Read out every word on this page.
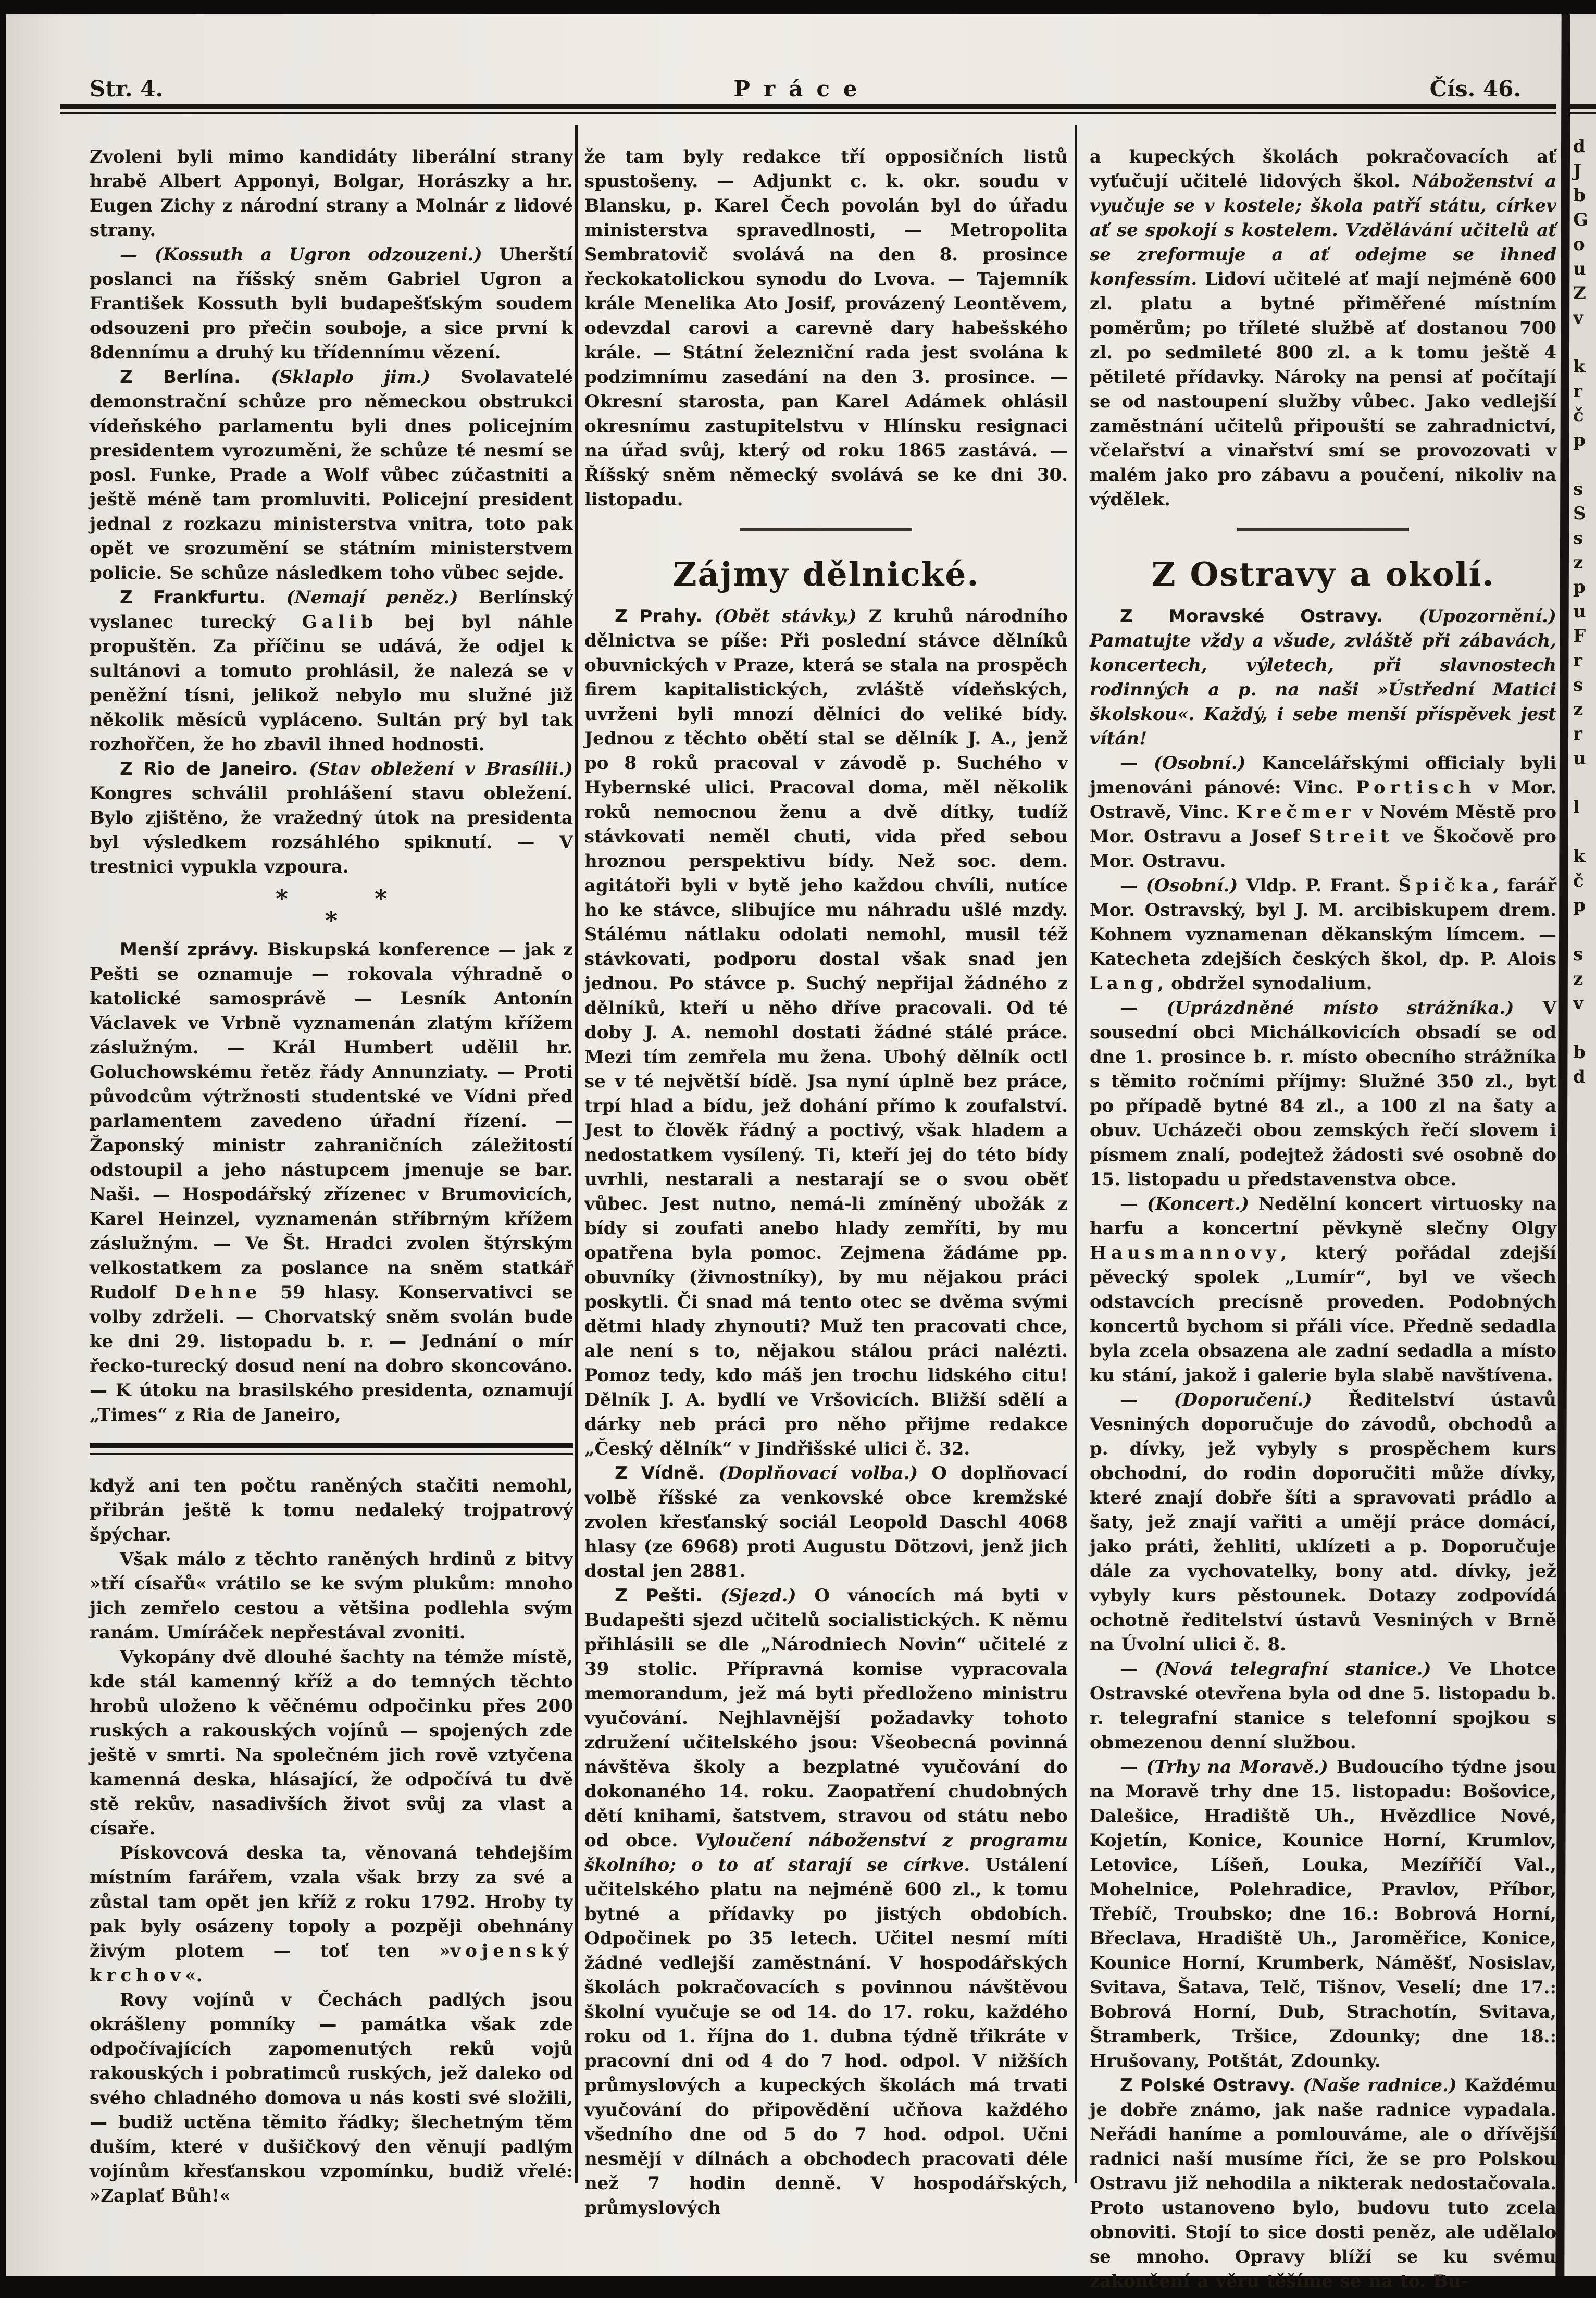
Str. 4.	Práce	Čís. 46.

Zvoleni byli mimo kandidáty liberální strany hrabě Albert Apponyi, Bolgar, Horászky a hr. Eugen Zichy z národní strany a Molnár z lidové strany.

— (Kossuth a Ugron odzouzeni.) Uherští poslanci na říšský sněm Gabriel Ugron a František Kossuth byli budapešťským soudem odsouzeni pro přečin souboje, a sice první k 8dennímu a druhý ku třídennímu vězení.

Z Berlína. (Sklaplo jim.) Svolavatelé demonstrační schůze pro německou obstrukci vídeňského parlamentu byli dnes policejním presidentem vyrozuměni, že schůze té nesmí se posl. Funke, Prade a Wolf vůbec zúčastniti a ještě méně tam promluviti. Policejní president jednal z rozkazu ministerstva vnitra, toto pak opět ve srozumění se státním ministerstvem policie. Se schůze následkem toho vůbec sejde.

Z Frankfurtu. (Nemají peněz.) Berlínský vyslanec turecký Galib bej byl náhle propuštěn. Za příčinu se udává, že odjel k sultánovi a tomuto prohlásil, že nalezá se v peněžní tísni, jelikož nebylo mu služné již několik měsíců vypláceno. Sultán prý byl tak rozhořčen, že ho zbavil ihned hodnosti.

Z Rio de Janeiro. (Stav obležení v Brasílii.) Kongres schválil prohlášení stavu obležení. Bylo zjištěno, že vražedný útok na presidenta byl výsledkem rozsáhlého spiknutí. — V trestnici vypukla vzpoura.

* *
*

Menší zprávy. Biskupská konference — jak z Pešti se oznamuje — rokovala výhradně o katolické samosprávě — Lesník Antonín Václavek ve Vrbně vyznamenán zlatým křížem záslužným. — Král Humbert udělil hr. Goluchowskému řetěz řády Annunziaty. — Proti původcům výtržnosti studentské ve Vídni před parlamentem zavedeno úřadní řízení. — Žaponský ministr zahraničních záležitostí odstoupil a jeho nástupcem jmenuje se bar. Naši. — Hospodářský zřízenec v Brumovicích, Karel Heinzel, vyznamenán stříbrným křížem záslužným. — Ve Št. Hradci zvolen štýrským velkostatkem za poslance na sněm statkář Rudolf Dehne 59 hlasy. Konservativci se volby zdrželi. — Chorvatský sněm svolán bude ke dni 29. listopadu b. r. — Jednání o mír řecko-turecký dosud není na dobro skoncováno. — K útoku na brasilského presidenta, oznamují „Times“ z Ria de Janeiro,

když ani ten počtu raněných stačiti nemohl, přibrán ještě k tomu nedaleký trojpatrový špýchar.

Však málo z těchto raněných hrdinů z bitvy »tří císařů« vrátilo se ke svým plukům: mnoho jich zemřelo cestou a většina podlehla svým ranám. Umíráček nepřestával zvoniti.

Vykopány dvě dlouhé šachty na témže místě, kde stál kamenný kříž a do temných těchto hrobů uloženo k věčnému odpočinku přes 200 ruských a rakouských vojínů — spojených zde ještě v smrti. Na společném jich rově vztyčena kamenná deska, hlásající, že odpočívá tu dvě stě rekův, nasadivších život svůj za vlast a císaře.

Pískovcová deska ta, věnovaná tehdejším místním farářem, vzala však brzy za své a zůstal tam opět jen kříž z roku 1792. Hroby ty pak byly osázeny topoly a pozpěji obehnány živým plotem — toť ten »vojenský krchov«.

Rovy vojínů v Čechách padlých jsou okrášleny pomníky — památka však zde odpočívajících zapomenutých reků vojů rakouských i pobratimců ruských, jež daleko od svého chladného domova u nás kosti své složili, — budiž uctěna těmito řádky; šlechetným těm duším, které v dušičkový den věnují padlým vojínům křesťanskou vzpomínku, budiž vřelé: »Zaplať Bůh!«

že tam byly redakce tří opposičních listů spustošeny. — Adjunkt c. k. okr. soudu v Blansku, p. Karel Čech povolán byl do úřadu ministerstva spravedlnosti, — Metropolita Sembratovič svolává na den 8. prosince řeckokatolickou synodu do Lvova. — Tajemník krále Menelika Ato Josif, provázený Leontěvem, odevzdal carovi a carevně dary habešského krále. — Státní železniční rada jest svolána k podzimnímu zasedání na den 3. prosince. — Okresní starosta, pan Karel Adámek ohlásil okresnímu zastupitelstvu v Hlínsku resignaci na úřad svůj, který od roku 1865 zastává. — Říšský sněm německý svolává se ke dni 30. listopadu.

Zájmy dělnické.

Z Prahy. (Obět stávky.) Z kruhů národního dělnictva se píše: Při poslední stávce dělníků obuvnických v Praze, která se stala na prospěch firem kapitalistických, zvláště vídeňských, uvrženi byli mnozí dělníci do veliké bídy. Jednou z těchto obětí stal se dělník J. A., jenž po 8 roků pracoval v závodě p. Suchého v Hybernské ulici. Pracoval doma, měl několik roků nemocnou ženu a dvě dítky, tudíž stávkovati neměl chuti, vida před sebou hroznou perspektivu bídy. Než soc. dem. agitátoři byli v bytě jeho každou chvíli, nutíce ho ke stávce, slibujíce mu náhradu ušlé mzdy. Stálému nátlaku odolati nemohl, musil též stávkovati, podporu dostal však snad jen jednou. Po stávce p. Suchý nepřijal žádného z dělníků, kteří u něho dříve pracovali. Od té doby J. A. nemohl dostati žádné stálé práce. Mezi tím zemřela mu žena. Ubohý dělník octl se v té největší bídě. Jsa nyní úplně bez práce, trpí hlad a bídu, jež dohání přímo k zoufalství. Jest to člověk řádný a poctivý, však hladem a nedostatkem vysílený. Ti, kteří jej do této bídy uvrhli, nestarali a nestarají se o svou oběť vůbec. Jest nutno, nemá-li zmíněný ubožák z bídy si zoufati anebo hlady zemříti, by mu opatřena byla pomoc. Zejmena žádáme pp. obuvníky (živnostníky), by mu nějakou práci poskytli. Či snad má tento otec se dvěma svými dětmi hlady zhynouti? Muž ten pracovati chce, ale není s to, nějakou stálou práci nalézti. Pomoz tedy, kdo máš jen trochu lidského citu! Dělník J. A. bydlí ve Vršovicích. Bližší sdělí a dárky neb práci pro něho přijme redakce „Český dělník“ v Jindřišské ulici č. 32.

Z Vídně. (Doplňovací volba.) O doplňovací volbě říšské za venkovské obce kremžské zvolen křesťanský sociál Leopold Daschl 4068 hlasy (ze 6968) proti Augustu Dötzovi, jenž jich dostal jen 2881.

Z Pešti. (Sjezd.) O vánocích má byti v Budapešti sjezd učitelů socialistických. K němu přihlásili se dle „Národniech Novin“ učitelé z 39 stolic. Přípravná komise vypracovala memorandum, jež má byti předloženo ministru vyučování. Nejhlavnější požadavky tohoto združení učitelského jsou: Všeobecná povinná návštěva školy a bezplatné vyučování do dokonaného 14. roku. Zaopatření chudobných dětí knihami, šatstvem, stravou od státu nebo od obce. Vyloučení náboženství z programu školního; o to ať starají se církve. Ustálení učitelského platu na nejméně 600 zl., k tomu bytné a přídavky po jistých obdobích. Odpočinek po 35 letech. Učitel nesmí míti žádné vedlejší zaměstnání. V hospodářských školách pokračovacích s povinnou návštěvou školní vyučuje se od 14. do 17. roku, každého roku od 1. října do 1. dubna týdně třikráte v pracovní dni od 4 do 7 hod. odpol. V nižších průmyslových a kupeckých školách má trvati vyučování do připovědění učňova každého všedního dne od 5 do 7 hod. odpol. Učni nesmějí v dílnách a obchodech pracovati déle než 7 hodin denně. V hospodářských, průmyslových

a kupeckých školách pokračovacích ať vyťučují učitelé lidových škol. Náboženství a vyučuje se v kostele; škola patří státu, církev ať se spokojí s kostelem. Vzdělávání učitelů ať se zreformuje a ať odejme se ihned konfessím. Lidoví učitelé ať mají nejméně 600 zl. platu a bytné přiměřené místním poměrům; po tříleté službě ať dostanou 700 zl. po sedmileté 800 zl. a k tomu ještě 4 pětileté přídavky. Nároky na pensi ať počítají se od nastoupení služby vůbec. Jako vedlejší zaměstnání učitelů připouští se zahradnictví, včelařství a vinařství smí se provozovati v malém jako pro zábavu a poučení, nikoliv na výdělek.

Z Ostravy a okolí.

Z Moravské Ostravy. (Upozornění.) Pamatujte vždy a všude, zvláště při zábavách, koncertech, výletech, při slavnostech rodinných a p. na naši »Ústřední Matici školskou«. Každý, i sebe menší příspěvek jest vítán!

— (Osobní.) Kancelářskými officialy byli jmenováni pánové: Vinc. Portisch v Mor. Ostravě, Vinc. Krečmer v Novém Městě pro Mor. Ostravu a Josef Streit ve Škočově pro Mor. Ostravu.

— (Osobní.) Vldp. P. Frant. Špička, farář Mor. Ostravský, byl J. M. arcibiskupem drem. Kohnem vyznamenan děkanským límcem. — Katecheta zdejších českých škol, dp. P. Alois Lang, obdržel synodalium.

— (Uprázdněné místo strážníka.) V sousední obci Michálkovicích obsadí se od dne 1. prosince b. r. místo obecního strážníka s těmito ročními příjmy: Služné 350 zl., byt po případě bytné 84 zl., a 100 zl na šaty a obuv. Ucházeči obou zemských řečí slovem i písmem znalí, podejtež žádosti své osobně do 15. listopadu u představenstva obce.

— (Koncert.) Nedělní koncert virtuosky na harfu a koncertní pěvkyně slečny Olgy Hausmannovy, který pořádal zdejší pěvecký spolek „Lumír“, byl ve všech odstavcích precísně proveden. Podobných koncertů bychom si přáli více. Předně sedadla byla zcela obsazena ale zadní sedadla a místo ku stání, jakož i galerie byla slabě navštívena.

— (Doporučení.) Ředitelství ústavů Vesniných doporučuje do závodů, obchodů a p. dívky, jež vybyly s prospěchem kurs obchodní, do rodin doporučiti může dívky, které znají dobře šíti a spravovati prádlo a šaty, jež znají vařiti a umějí práce domácí, jako práti, žehliti, uklízeti a p. Doporučuje dále za vychovatelky, bony atd. dívky, jež vybyly kurs pěstounek. Dotazy zodpovídá ochotně ředitelství ústavů Vesniných v Brně na Úvolní ulici č. 8.

— (Nová telegrafní stanice.) Ve Lhotce Ostravské otevřena byla od dne 5. listopadu b. r. telegrafní stanice s telefonní spojkou s obmezenou denní službou.

— (Trhy na Moravě.) Budoucího týdne jsou na Moravě trhy dne 15. listopadu: Bošovice, Dalešice, Hradiště Uh., Hvězdlice Nové, Kojetín, Konice, Kounice Horní, Krumlov, Letovice, Líšeň, Louka, Mezíříčí Val., Mohelnice, Polehradice, Pravlov, Příbor, Třebíč, Troubsko; dne 16.: Bobrová Horní, Břeclava, Hradiště Uh., Jaroměřice, Konice, Kounice Horní, Krumberk, Náměšť, Nosislav, Svitava, Šatava, Telč, Tišnov, Veselí; dne 17.: Bobrová Horní, Dub, Strachotín, Svitava, Štramberk, Tršice, Zdounky; dne 18.: Hrušovany, Potštát, Zdounky.

Z Polské Ostravy. (Naše radnice.) Každému je dobře známo, jak naše radnice vypadala. Neřádi haníme a pomlouváme, ale o dřívější radnici naší musíme říci, že se pro Polskou Ostravu již nehodila a nikterak nedostačovala. Proto ustanoveno bylo, budovu tuto zcela obnoviti. Stojí to sice dosti peněz, ale udělalo se mnoho. Opravy blíží se ku svému zakončení a věru těšíme se na to. Bu-

d
J
b
G
o
u
Z
v
k
r
č
p
s
S
s
z
p
u
F
r
s
z
r
u
l
k
č
p
s
z
v
b
d
